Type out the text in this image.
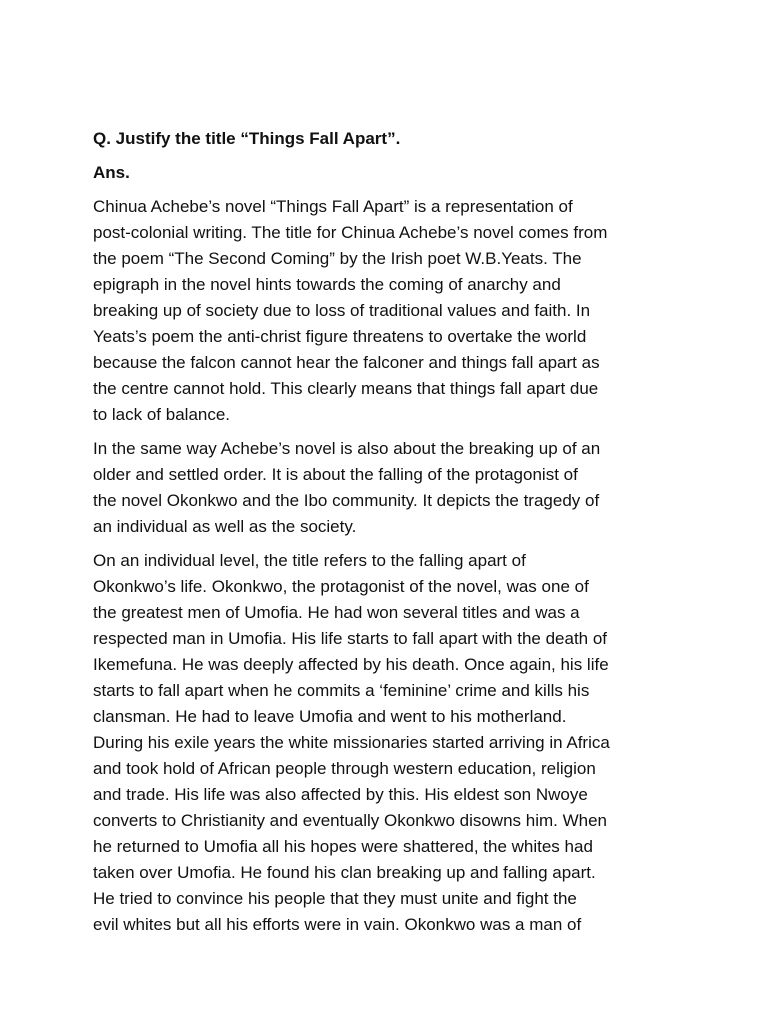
Q. Justify the title “Things Fall Apart”.
Ans.
Chinua Achebe’s novel “Things Fall Apart” is a representation of
post-colonial writing. The title for Chinua Achebe’s novel comes from
the poem “The Second Coming” by the Irish poet W.B.Yeats. The
epigraph in the novel hints towards the coming of anarchy and
breaking up of society due to loss of traditional values and faith. In
Yeats’s poem the anti-christ figure threatens to overtake the world
because the falcon cannot hear the falconer and things fall apart as
the centre cannot hold. This clearly means that things fall apart due
to lack of balance.
In the same way Achebe’s novel is also about the breaking up of an
older and settled order. It is about the falling of the protagonist of
the novel Okonkwo and the Ibo community. It depicts the tragedy of
an individual as well as the society.
On an individual level, the title refers to the falling apart of
Okonkwo’s life. Okonkwo, the protagonist of the novel, was one of
the greatest men of Umofia. He had won several titles and was a
respected man in Umofia. His life starts to fall apart with the death of
Ikemefuna. He was deeply affected by his death. Once again, his life
starts to fall apart when he commits a ‘feminine’ crime and kills his
clansman. He had to leave Umofia and went to his motherland.
During his exile years the white missionaries started arriving in Africa
and took hold of African people through western education, religion
and trade. His life was also affected by this. His eldest son Nwoye
converts to Christianity and eventually Okonkwo disowns him. When
he returned to Umofia all his hopes were shattered, the whites had
taken over Umofia. He found his clan breaking up and falling apart.
He tried to convince his people that they must unite and fight the
evil whites but all his efforts were in vain. Okonkwo was a man of
